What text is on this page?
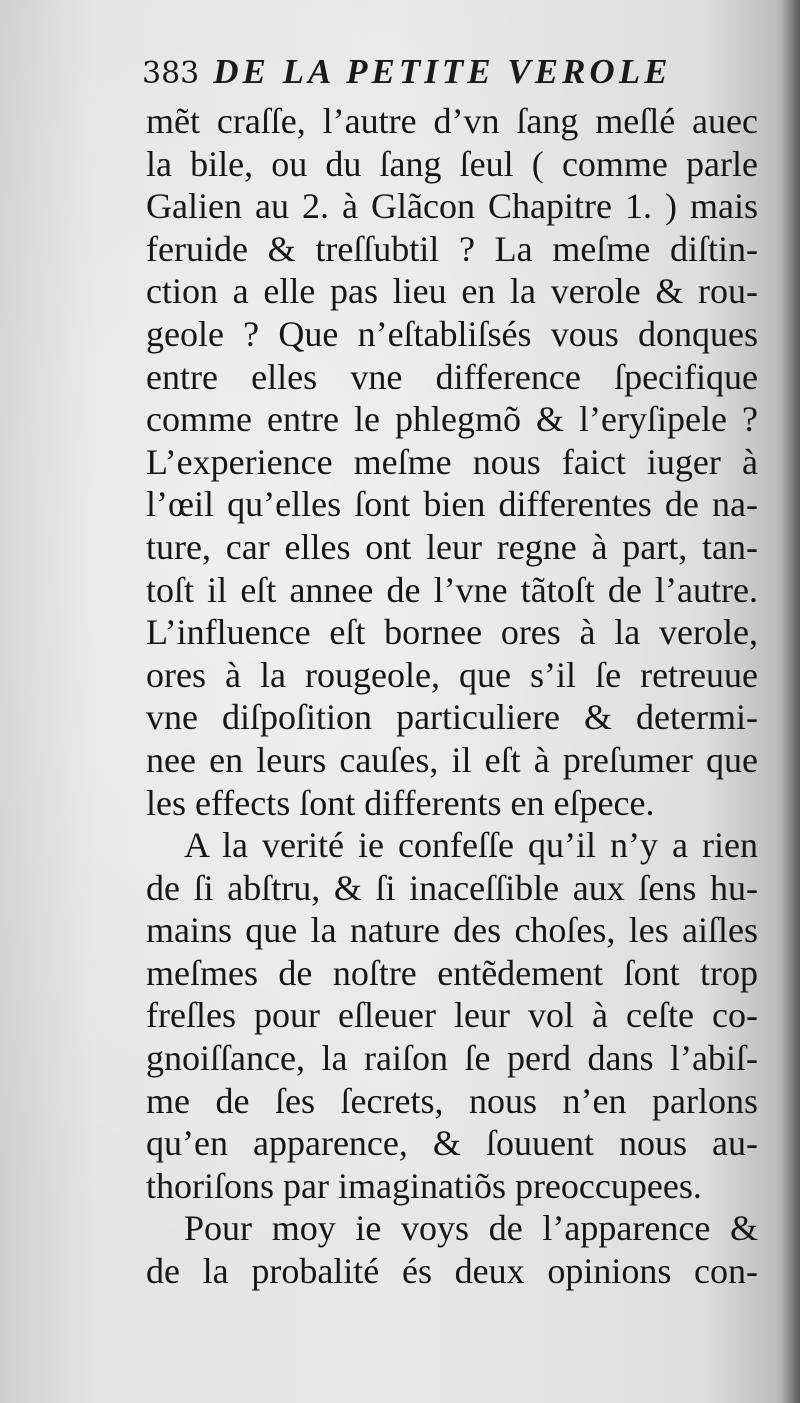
383 DE LA PETITE VEROLE
mẽt craſſe, l’autre d’vn ſang meſlé auec
la bile, ou du ſang ſeul ( comme parle
Galien au 2. à Glãcon Chapitre 1. ) mais
feruide & treſſubtil ? La meſme diſtin-
ction a elle pas lieu en la verole & rou-
geole ? Que n’eſtabliſsés vous donques
entre elles vne difference ſpecifique
comme entre le phlegmõ & l’eryſipele ?
L’experience meſme nous faict iuger à
l’œil qu’elles ſont bien differentes de na-
ture, car elles ont leur regne à part, tan-
toſt il eſt annee de l’vne tãtoſt de l’autre.
L’influence eſt bornee ores à la verole,
ores à la rougeole, que s’il ſe retreuue
vne diſpoſition particuliere & determi-
nee en leurs cauſes, il eſt à preſumer que
les effects ſont differents en eſpece.
A la verité ie confeſſe qu’il n’y a rien
de ſi abſtru, & ſi inaceſſible aux ſens hu-
mains que la nature des choſes, les aiſles
meſmes de noſtre entẽdement ſont trop
freſles pour eſleuer leur vol à ceſte co-
gnoiſſance, la raiſon ſe perd dans l’abiſ-
me de ſes ſecrets, nous n’en parlons
qu’en apparence, & ſouuent nous au-
thoriſons par imaginatiõs preoccupees.
Pour moy ie voys de l’apparence &
de la probalité és deux opinions con-
